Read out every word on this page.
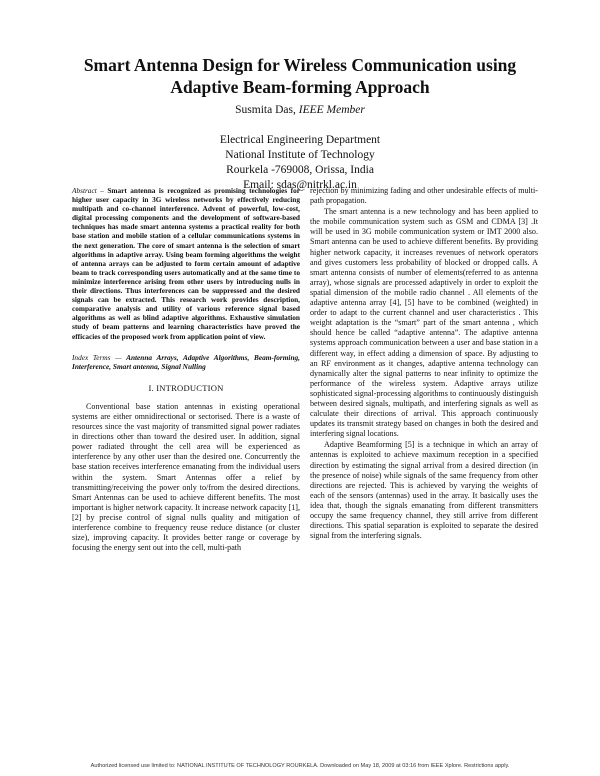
Smart Antenna Design for Wireless Communication using
Adaptive Beam-forming Approach
Susmita Das, IEEE Member
Electrical Engineering Department
National Institute of Technology
Rourkela -769008, Orissa, India
Email: sdas@nitrkl.ac.in
Abstract – Smart antenna is recognized as promising technologies for higher user capacity in 3G wireless networks by effectively reducing multipath and co-channel interference. Advent of powerful, low-cost, digital processing components and the development of software-based techniques has made smart antenna systems a practical reality for both base station and mobile station of a cellular communications systems in the next generation. The core of smart antenna is the selection of smart algorithms in adaptive array. Using beam forming algorithms the weight of antenna arrays can be adjusted to form certain amount of adaptive beam to track corresponding users automatically and at the same time to minimize interference arising from other users by introducing nulls in their directions. Thus interferences can be suppressed and the desired signals can be extracted. This research work provides description, comparative analysis and utility of various reference signal based algorithms as well as blind adaptive algorithms. Exhaustive simulation study of beam patterns and learning characteristics have proved the efficacies of the proposed work from application point of view.
Index Terms — Antenna Arrays, Adaptive Algorithms, Beam-forming, Interference, Smart antenna, Signal Nulling
I. INTRODUCTION

Conventional base station antennas in existing operational systems are either omnidirectional or sectorised. There is a waste of resources since the vast majority of transmitted signal power radiates in directions other than toward the desired user. In addition, signal power radiated throught the cell area will be experienced as interference by any other user than the desired one. Concurrently the base station receives interference emanating from the individual users within the system. Smart Antennas offer a relief by transmitting/receiving the power only to/from the desired directions. Smart Antennas can be used to achieve different benefits. The most important is higher network capacity. It increase network capacity [1],[2] by precise control of signal nulls quality and mitigation of interference combine to frequency reuse reduce distance (or cluster size), improving capacity. It provides better range or coverage by focusing the energy sent out into the cell, multi-path

rejection by minimizing fading and other undesirable effects of multi-path propagation.

The smart antenna is a new technology and has been applied to the mobile communication system such as GSM and CDMA [3] .It will be used in 3G mobile communication system or IMT 2000 also. Smart antenna can be used to achieve different benefits. By providing higher network capacity, it increases revenues of network operators and gives customers less probability of blocked or dropped calls. A smart antenna consists of number of elements(referred to as antenna array), whose signals are processed adaptively in order to exploit the spatial dimension of the mobile radio channel . All elements of the adaptive antenna array [4], [5] have to be combined (weighted) in order to adapt to the current channel and user characteristics . This weight adaptation is the “smart” part of the smart antenna , which should hence be called “adaptive antenna”. The adaptive antenna systems approach communication between a user and base station in a different way, in effect adding a dimension of space. By adjusting to an RF environment as it changes, adaptive antenna technology can dynamically alter the signal patterns to near infinity to optimize the performance of the wireless system. Adaptive arrays utilize sophisticated signal-processing algorithms to continuously distinguish between desired signals, multipath, and interfering signals as well as calculate their directions of arrival. This approach continuously updates its transmit strategy based on changes in both the desired and interfering signal locations.

Adaptive Beamforming [5] is a technique in which an array of antennas is exploited to achieve maximum reception in a specified direction by estimating the signal arrival from a desired direction (in the presence of noise) while signals of the same frequency from other directions are rejected. This is achieved by varying the weights of each of the sensors (antennas) used in the array. It basically uses the idea that, though the signals emanating from different transmitters occupy the same frequency channel, they still arrive from different directions. This spatial separation is exploited to separate the desired signal from the interfering signals.

Authorized licensed use limited to: NATIONAL INSTITUTE OF TECHNOLOGY ROURKELA. Downloaded on May 18, 2009 at 03:16 from IEEE Xplore. Restrictions apply.
